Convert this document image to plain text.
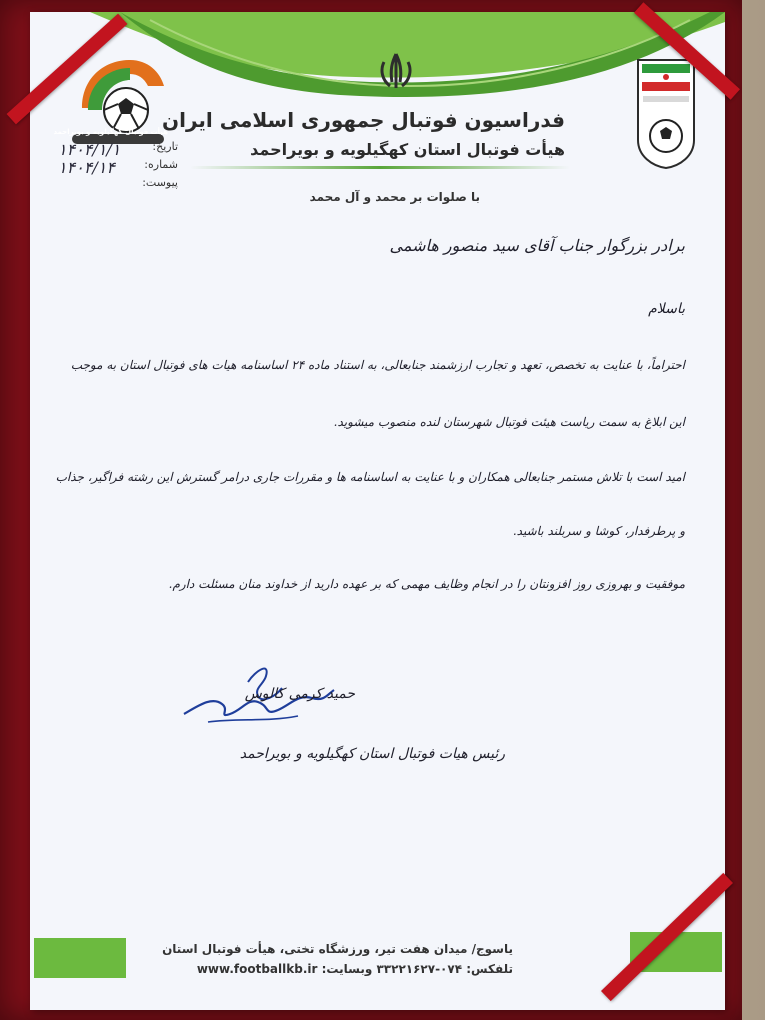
هیأت فوتبال کهگیلویه و بویراحمد
فدراسیون فوتبال جمهوری اسلامی ایران
هیأت فوتبال استان کهگیلویه و بویراحمد
تاریخ:
۱۴۰۴/۱/۱
شماره:
۱۴۰۴/۱۴
پیوست:
با صلوات بر محمد و آل محمد
برادر بزرگوار جناب آقای سید منصور هاشمی
باسلام
احتراماً، با عنایت به تخصص، تعهد و تجارب ارزشمند جنابعالی، به استناد ماده ۲۴ اساسنامه هیات های فوتبال استان به موجب
این ابلاغ به سمت ریاست هیئت فوتبال شهرستان لنده منصوب میشوید.
امید است با تلاش مستمر جنابعالی همکاران و با عنایت به اساسنامه ها و مقررات جاری درامر گسترش این رشته فراگیر، جذاب
و پرطرفدار، کوشا و سربلند باشید.
موفقیت و بهروزی روز افزونتان را در انجام وظایف مهمی که بر عهده دارید از خداوند منان مسئلت دارم.
حمید کرمی کالوس
رئیس هیات فوتبال استان کهگیلویه و بویراحمد
یاسوج/ میدان هفت تیر، ورزشگاه تختی، هیأت فوتبال استان
تلفکس: ۰۷۴-۳۳۲۲۱۶۲۷ وبسایت: www.footballkb.ir
